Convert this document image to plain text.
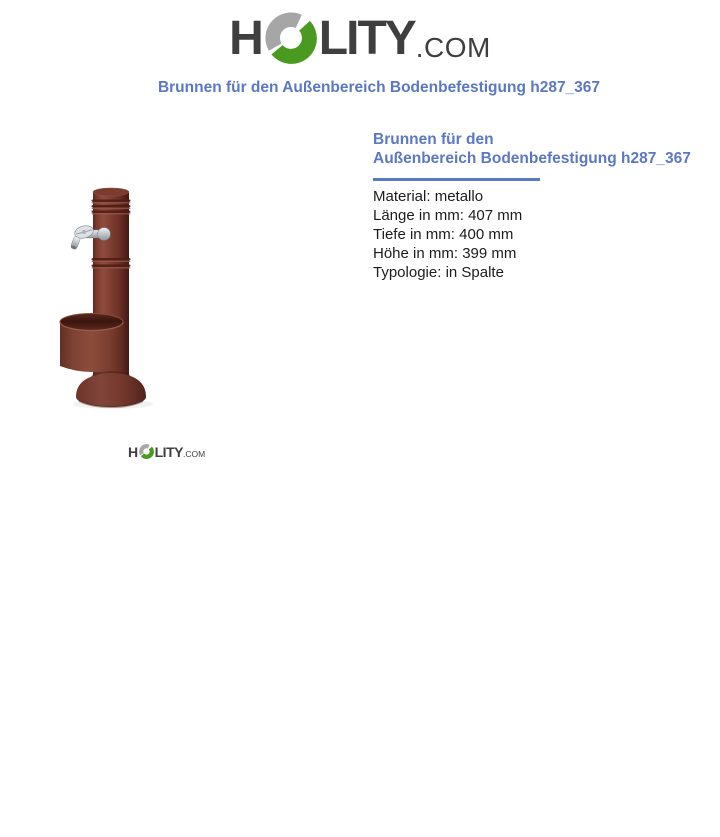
H LITY .COM
Brunnen für den Außenbereich Bodenbefestigung h287_367
H LITY .COM
Brunnen für den
Außenbereich Bodenbefestigung h287_367
Material: metallo
Länge in mm: 407 mm
Tiefe in mm: 400 mm
Höhe in mm: 399 mm
Typologie: in Spalte
